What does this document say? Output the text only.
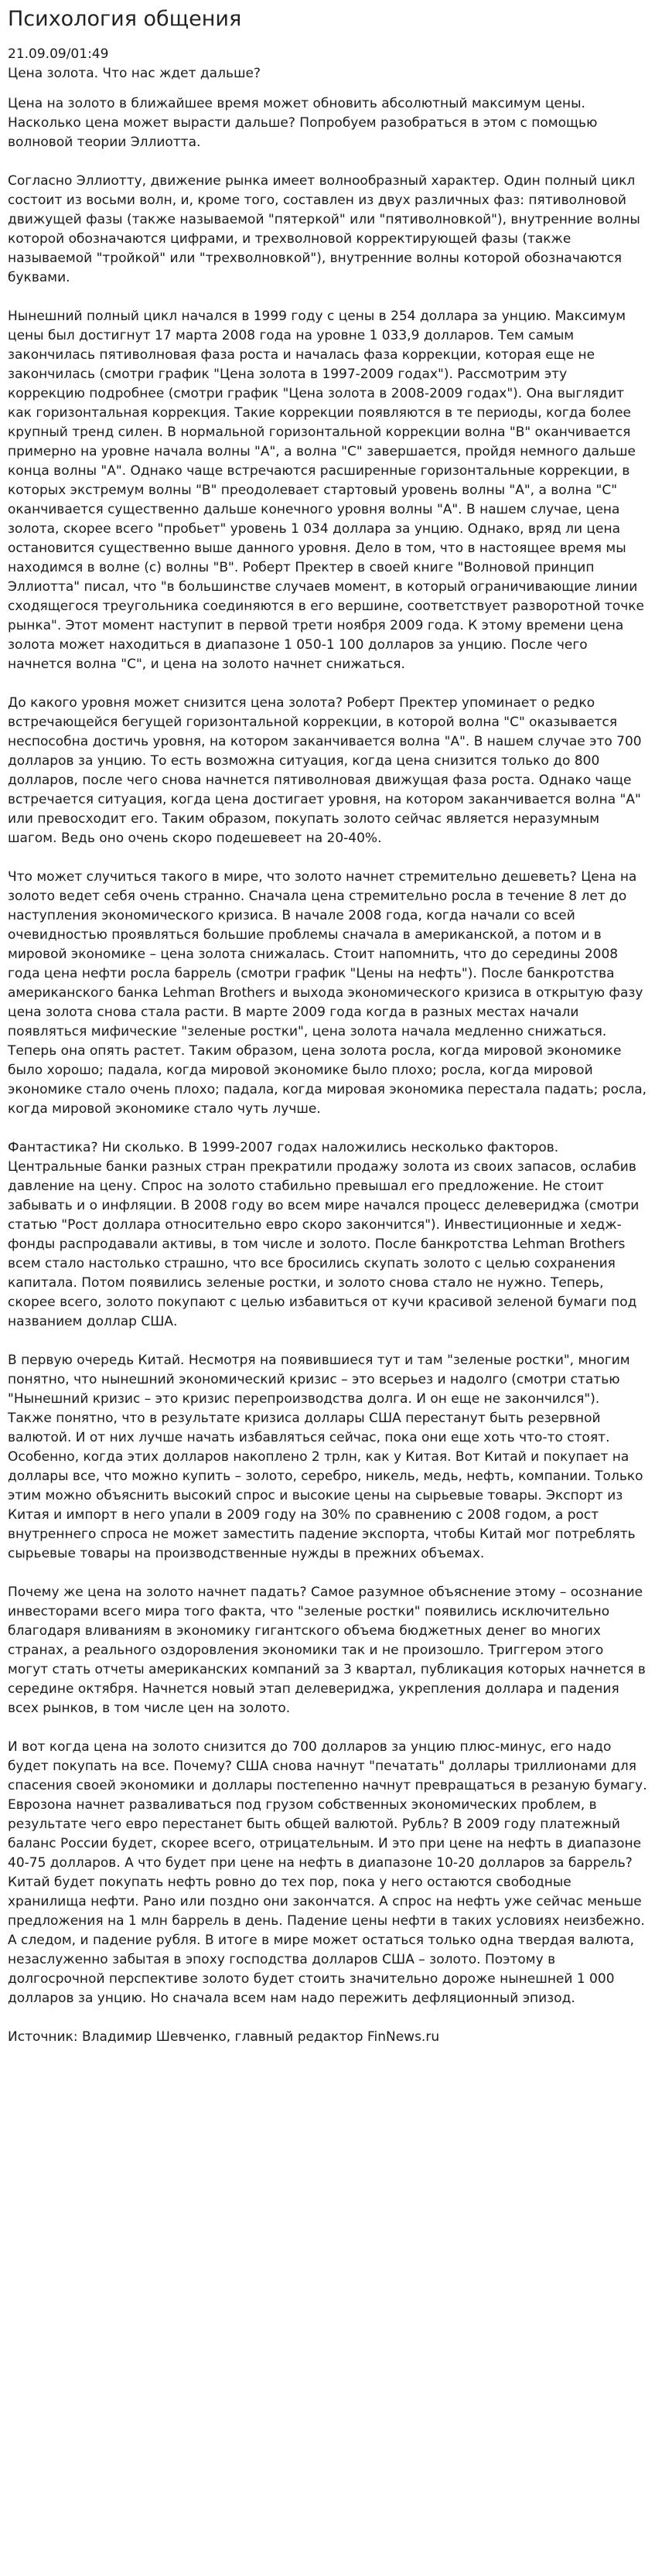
Психология общения

21.09.09/01:49

Цена золота. Что нас ждет дальше?

Цена на золото в ближайшее время может обновить абсолютный максимум цены. Насколько цена может вырасти дальше? Попробуем разобраться в этом с помощью волновой теории Эллиотта.

Согласно Эллиотту, движение рынка имеет волнообразный характер. Один полный цикл состоит из восьми волн, и, кроме того, составлен из двух различных фаз: пятиволновой движущей фазы (также называемой "пятеркой" или "пятиволновкой"), внутренние волны которой обозначаются цифрами, и трехволновой корректирующей фазы (также называемой "тройкой" или "трехволновкой"), внутренние волны которой обозначаются буквами.

Нынешний полный цикл начался в 1999 году с цены в 254 доллара за унцию. Максимум цены был достигнут 17 марта 2008 года на уровне 1 033,9 долларов. Тем самым закончилась пятиволновая фаза роста и началась фаза коррекции, которая еще не закончилась (смотри график "Цена золота в 1997-2009 годах"). Рассмотрим эту коррекцию подробнее (смотри график "Цена золота в 2008-2009 годах"). Она выглядит как горизонтальная коррекция. Такие коррекции появляются в те периоды, когда более крупный тренд силен. В нормальной горизонтальной коррекции волна "B" оканчивается примерно на уровне начала волны "A", а волна "C" завершается, пройдя немного дальше конца волны "A". Однако чаще встречаются расширенные горизонтальные коррекции, в которых экстремум волны "B" преодолевает стартовый уровень волны "A", а волна "C" оканчивается существенно дальше конечного уровня волны "A". В нашем случае, цена золота, скорее всего "пробьет" уровень 1 034 доллара за унцию. Однако, вряд ли цена остановится существенно выше данного уровня. Дело в том, что в настоящее время мы находимся в волне (c) волны "B". Роберт Пректер в своей книге "Волновой принцип Эллиотта" писал, что "в большинстве случаев момент, в который ограничивающие линии сходящегося треугольника соединяются в его вершине, соответствует разворотной точке рынка". Этот момент наступит в первой трети ноября 2009 года. К этому времени цена золота может находиться в диапазоне 1 050-1 100 долларов за унцию. После чего начнется волна "C", и цена на золото начнет снижаться.

До какого уровня может снизится цена золота? Роберт Пректер упоминает о редко встречающейся бегущей горизонтальной коррекции, в которой волна "C" оказывается неспособна достичь уровня, на котором заканчивается волна "A". В нашем случае это 700 долларов за унцию. То есть возможна ситуация, когда цена снизится только до 800 долларов, после чего снова начнется пятиволновая движущая фаза роста. Однако чаще встречается ситуация, когда цена достигает уровня, на котором заканчивается волна "A" или превосходит его. Таким образом, покупать золото сейчас является неразумным шагом. Ведь оно очень скоро подешевеет на 20-40%.

Что может случиться такого в мире, что золото начнет стремительно дешеветь? Цена на золото ведет себя очень странно. Сначала цена стремительно росла в течение 8 лет до наступления экономического кризиса. В начале 2008 года, когда начали со всей очевидностью проявляться большие проблемы сначала в американской, а потом и в мировой экономике – цена золота снижалась. Стоит напомнить, что до середины 2008 года цена нефти росла баррель (смотри график "Цены на нефть"). После банкротства американского банка Lehman Brothers и выхода экономического кризиса в открытую фазу цена золота снова стала расти. В марте 2009 года когда в разных местах начали появляться мифические "зеленые ростки", цена золота начала медленно снижаться. Теперь она опять растет. Таким образом, цена золота росла, когда мировой экономике было хорошо; падала, когда мировой экономике было плохо; росла, когда мировой экономике стало очень плохо; падала, когда мировая экономика перестала падать; росла, когда мировой экономике стало чуть лучше.

Фантастика? Ни сколько. В 1999-2007 годах наложились несколько факторов. Центральные банки разных стран прекратили продажу золота из своих запасов, ослабив давление на цену. Спрос на золото стабильно превышал его предложение. Не стоит забывать и о инфляции. В 2008 году во всем мире начался процесс делевериджа (смотри статью "Рост доллара относительно евро скоро закончится"). Инвестиционные и хедж-фонды распродавали активы, в том числе и золото. После банкротства Lehman Brothers всем стало настолько страшно, что все бросились скупать золото с целью сохранения капитала. Потом появились зеленые ростки, и золото снова стало не нужно. Теперь, скорее всего, золото покупают с целью избавиться от кучи красивой зеленой бумаги под названием доллар США.

В первую очередь Китай. Несмотря на появившиеся тут и там "зеленые ростки", многим понятно, что нынешний экономический кризис – это всерьез и надолго (смотри статью "Нынешний кризис – это кризис перепроизводства долга. И он еще не закончился"). Также понятно, что в результате кризиса доллары США перестанут быть резервной валютой. И от них лучше начать избавляться сейчас, пока они еще хоть что-то стоят. Особенно, когда этих долларов накоплено 2 трлн, как у Китая. Вот Китай и покупает на доллары все, что можно купить – золото, серебро, никель, медь, нефть, компании. Только этим можно объяснить высокий спрос и высокие цены на сырьевые товары. Экспорт из Китая и импорт в него упали в 2009 году на 30% по сравнению с 2008 годом, а рост внутреннего спроса не может заместить падение экспорта, чтобы Китай мог потреблять сырьевые товары на производственные нужды в прежних объемах.

Почему же цена на золото начнет падать? Самое разумное объяснение этому – осознание инвесторами всего мира того факта, что "зеленые ростки" появились исключительно благодаря вливаниям в экономику гигантского объема бюджетных денег во многих странах, а реального оздоровления экономики так и не произошло. Триггером этого могут стать отчеты американских компаний за 3 квартал, публикация которых начнется в середине октября. Начнется новый этап делевериджа, укрепления доллара и падения всех рынков, в том числе цен на золото.

И вот когда цена на золото снизится до 700 долларов за унцию плюс-минус, его надо будет покупать на все. Почему? США снова начнут "печатать" доллары триллионами для спасения своей экономики и доллары постепенно начнут превращаться в резаную бумагу. Еврозона начнет разваливаться под грузом собственных экономических проблем, в результате чего евро перестанет быть общей валютой. Рубль? В 2009 году платежный баланс России будет, скорее всего, отрицательным. И это при цене на нефть в диапазоне 40-75 долларов. А что будет при цене на нефть в диапазоне 10-20 долларов за баррель? Китай будет покупать нефть ровно до тех пор, пока у него остаются свободные хранилища нефти. Рано или поздно они закончатся. А спрос на нефть уже сейчас меньше предложения на 1 млн баррель в день. Падение цены нефти в таких условиях неизбежно. А следом, и падение рубля. В итоге в мире может остаться только одна твердая валюта, незаслуженно забытая в эпоху господства долларов США – золото. Поэтому в долгосрочной перспективе золото будет стоить значительно дороже нынешней 1 000 долларов за унцию. Но сначала всем нам надо пережить дефляционный эпизод.

Источник: Владимир Шевченко, главный редактор FinNews.ru
